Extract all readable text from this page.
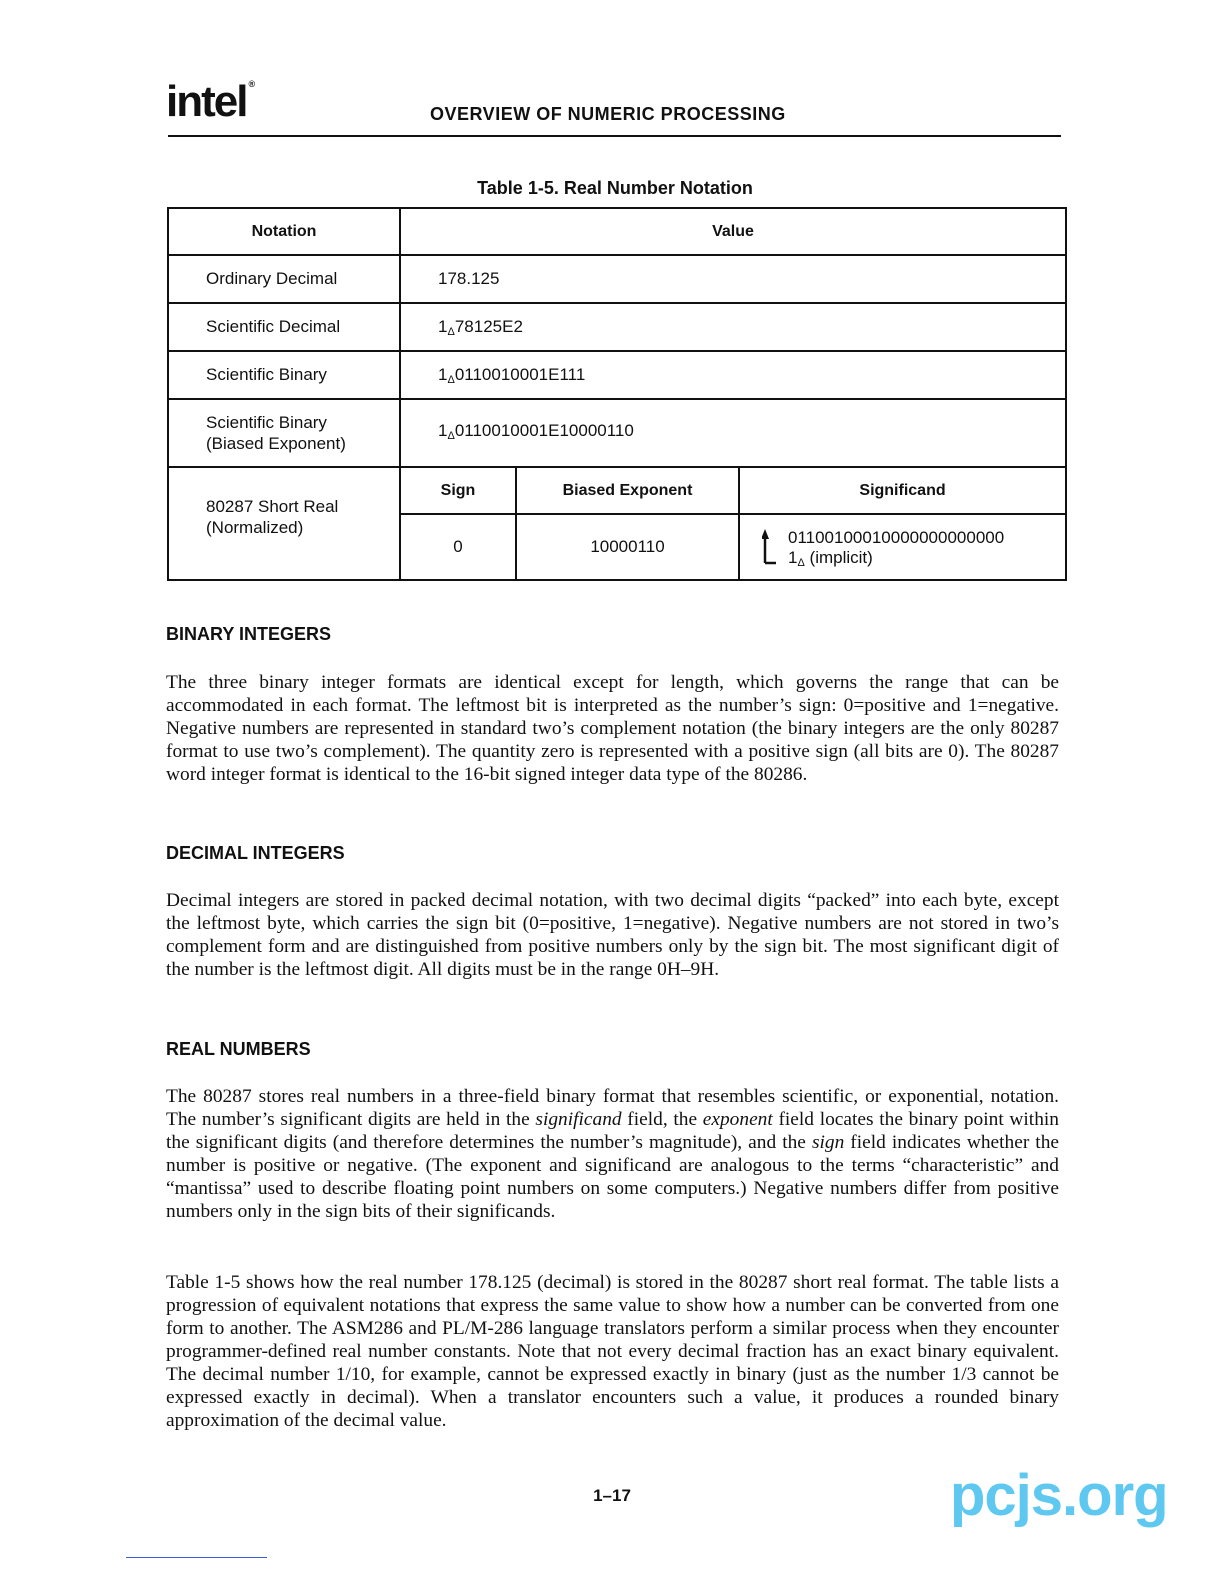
intel ®
OVERVIEW OF NUMERIC PROCESSING
Table 1-5. Real Number Notation
Notation	Value		
Ordinary Decimal	178.125		
Scientific Decimal	1Δ78125E2		
Scientific Binary	1Δ0110010001E111		
Scientific Binary
(Biased Exponent)	1Δ0110010001E10000110		
80287 Short Real
(Normalized)	Sign	Biased Exponent	Significand
	0	10000110	01100100010000000000000
1Δ (implicit)
BINARY INTEGERS

The three binary integer formats are identical except for length, which governs the range that can be accommodated in each format. The leftmost bit is interpreted as the number’s sign: 0=positive and 1=negative. Negative numbers are represented in standard two’s complement notation (the binary integers are the only 80287 format to use two’s complement). The quantity zero is represented with a positive sign (all bits are 0). The 80287 word integer format is identical to the 16-bit signed integer data type of the 80286.

DECIMAL INTEGERS

Decimal integers are stored in packed decimal notation, with two decimal digits “packed” into each byte, except the leftmost byte, which carries the sign bit (0=positive, 1=negative). Negative numbers are not stored in two’s complement form and are distinguished from positive numbers only by the sign bit. The most significant digit of the number is the leftmost digit. All digits must be in the range 0H–9H.

REAL NUMBERS

The 80287 stores real numbers in a three-field binary format that resembles scientific, or exponential, notation. The number’s significant digits are held in the significand field, the exponent field locates the binary point within the significant digits (and therefore determines the number’s magnitude), and the sign field indicates whether the number is positive or negative. (The exponent and significand are analogous to the terms “characteristic” and “mantissa” used to describe floating point numbers on some computers.) Negative numbers differ from positive numbers only in the sign bits of their significands.

Table 1-5 shows how the real number 178.125 (decimal) is stored in the 80287 short real format. The table lists a progression of equivalent notations that express the same value to show how a number can be converted from one form to another. The ASM286 and PL/M-286 language translators perform a similar process when they encounter programmer-defined real number constants. Note that not every decimal fraction has an exact binary equivalent. The decimal number 1/10, for example, cannot be expressed exactly in binary (just as the number 1/3 cannot be expressed exactly in decimal). When a translator encounters such a value, it produces a rounded binary approximation of the decimal value.

1–17	pcjs.org
